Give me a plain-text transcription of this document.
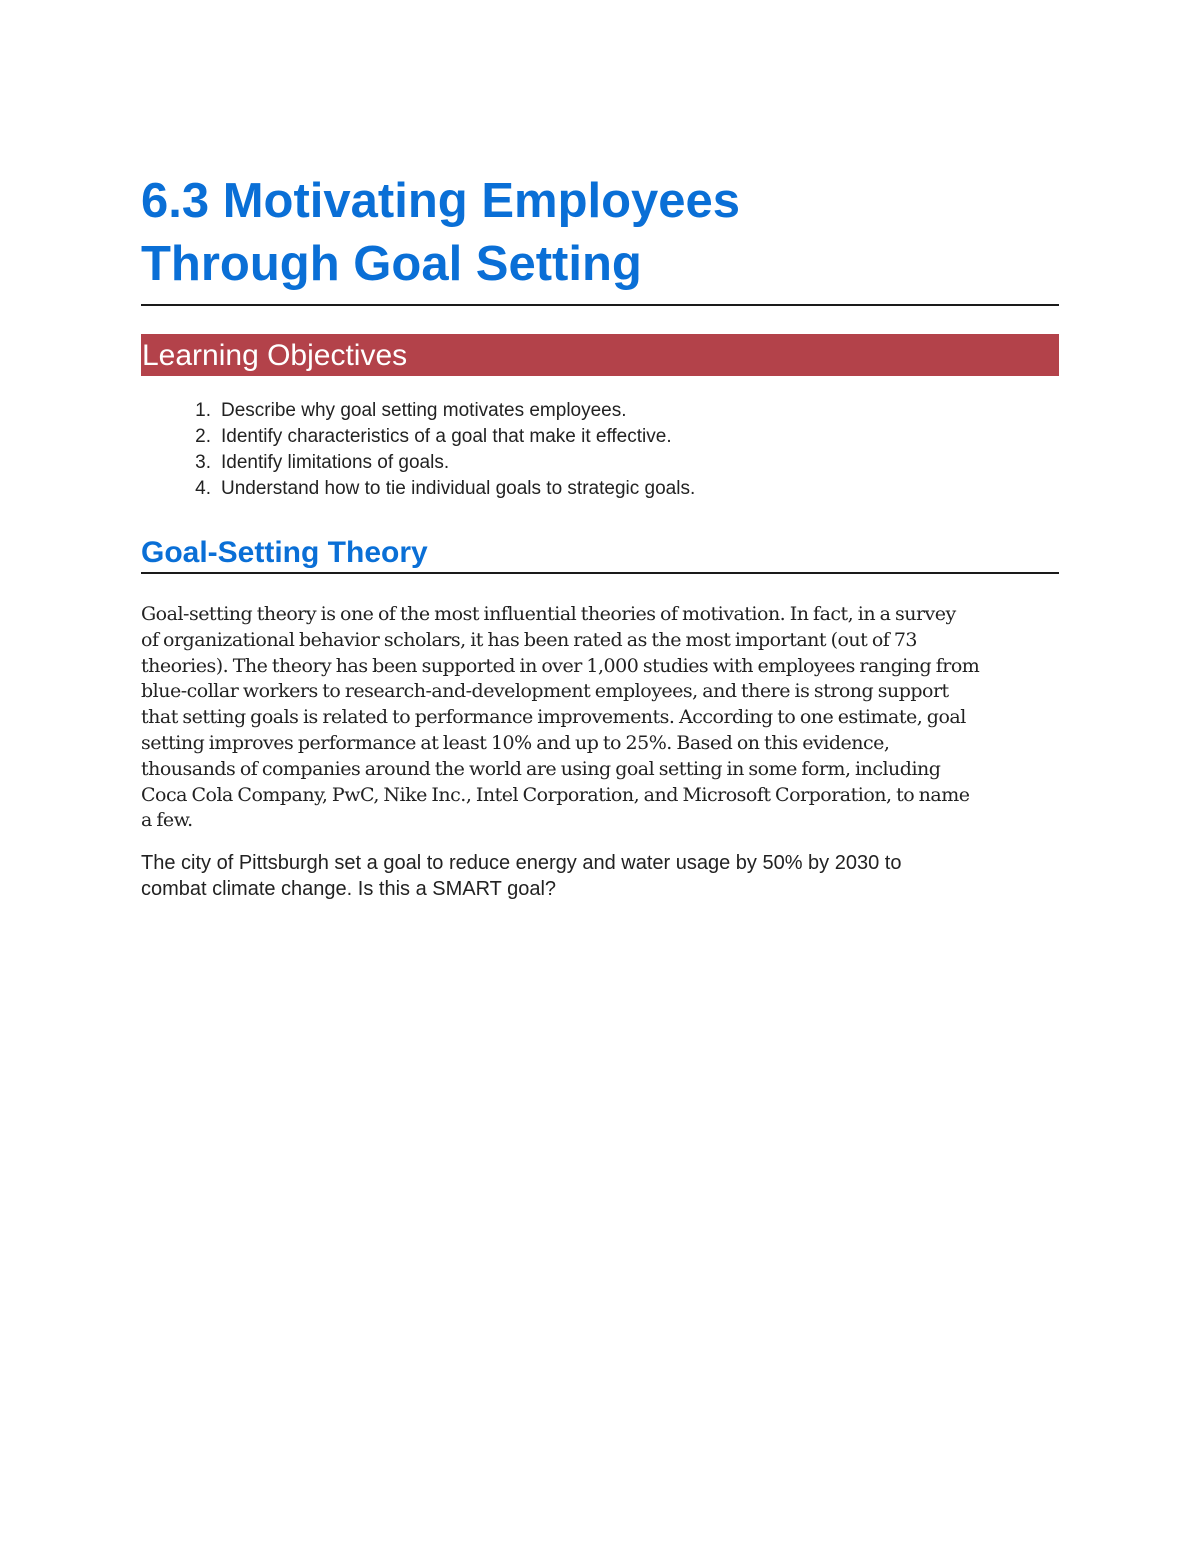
6.3 Motivating Employees
Through Goal Setting
Learning Objectives
1. Describe why goal setting motivates employees.
2. Identify characteristics of a goal that make it effective.
3. Identify limitations of goals.
4. Understand how to tie individual goals to strategic goals.
Goal-Setting Theory

Goal-setting theory is one of the most influential theories of motivation. In fact, in a survey
of organizational behavior scholars, it has been rated as the most important (out of 73
theories). The theory has been supported in over 1,000 studies with employees ranging from
blue-collar workers to research-and-development employees, and there is strong support
that setting goals is related to performance improvements. According to one estimate, goal
setting improves performance at least 10% and up to 25%. Based on this evidence,
thousands of companies around the world are using goal setting in some form, including
Coca Cola Company, PwC, Nike Inc., Intel Corporation, and Microsoft Corporation, to name
a few.

The city of Pittsburgh set a goal to reduce energy and water usage by 50% by 2030 to
combat climate change. Is this a SMART goal?
